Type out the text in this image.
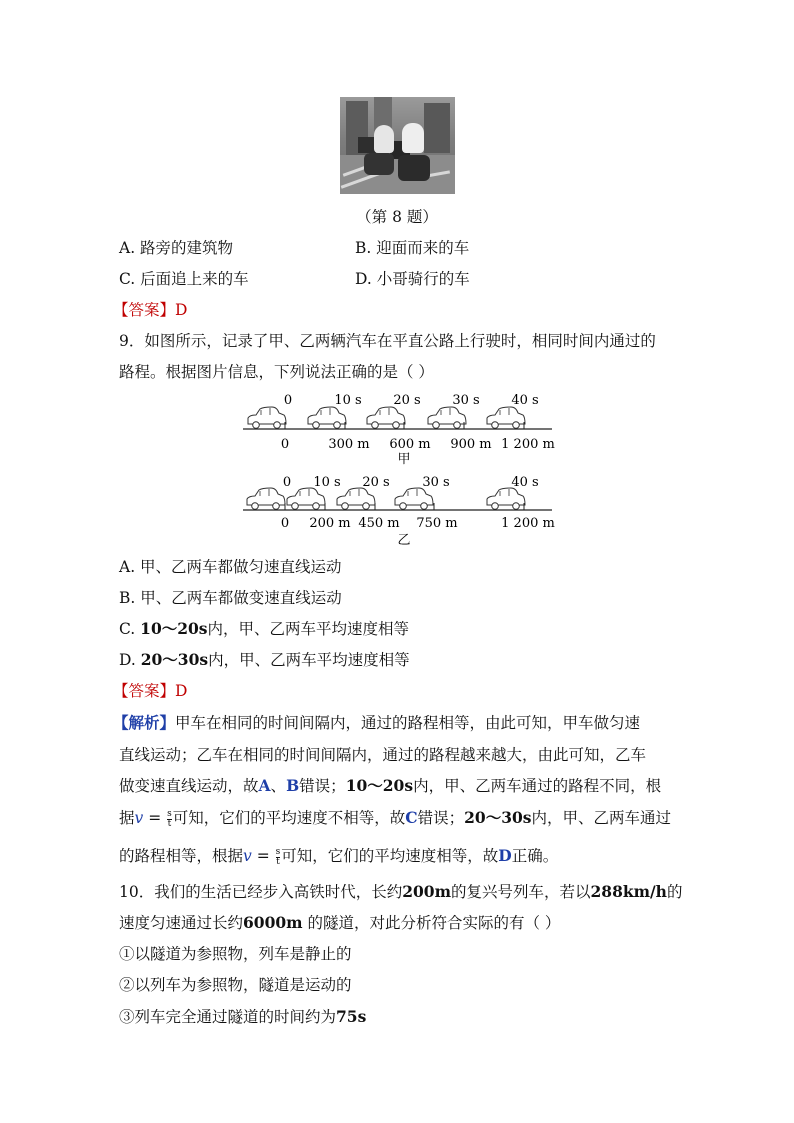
（第 8 题）
A. 路旁的建筑物	B. 迎面而来的车
C. 后面追上来的车	D. 小哥骑行的车
【答案】D
9．如图所示，记录了甲、乙两辆汽车在平直公路上行驶时，相同时间内通过的
路程。根据图片信息，下列说法正确的是（ ）
0	10 s 20 s 30 s 40 s
0	300 m 600 m 900 m 1 200 m
甲
0 10 s 20 s	30 s	40 s
0 200 m 450 m 750 m	1 200 m
乙
A. 甲、乙两车都做匀速直线运动
B. 甲、乙两车都做变速直线运动
C. 10～20s内，甲、乙两车平均速度相等
D. 20～30s内，甲、乙两车平均速度相等
【答案】D
【解析】甲车在相同的时间间隔内，通过的路程相等，由此可知，甲车做匀速
直线运动；乙车在相同的时间间隔内，通过的路程越来越大，由此可知，乙车
做变速直线运动，故A、B错误；10～20s内，甲、乙两车通过的路程不同，根
据$v = \frac{s}{t}$ 可知，它们的平均速度不相等，故C错误；20～30s内，甲、乙两车通过
的路程相等，根据$v = \frac{s}{t}$ 可知，它们的平均速度相等，故D正确。
10．我们的生活已经步入高铁时代，长约200m的复兴号列车，若以288km/h的
速度匀速通过长约6000m 的隧道，对此分析符合实际的有（ ）
①以隧道为参照物，列车是静止的
②以列车为参照物，隧道是运动的
③列车完全通过隧道的时间约为75s
